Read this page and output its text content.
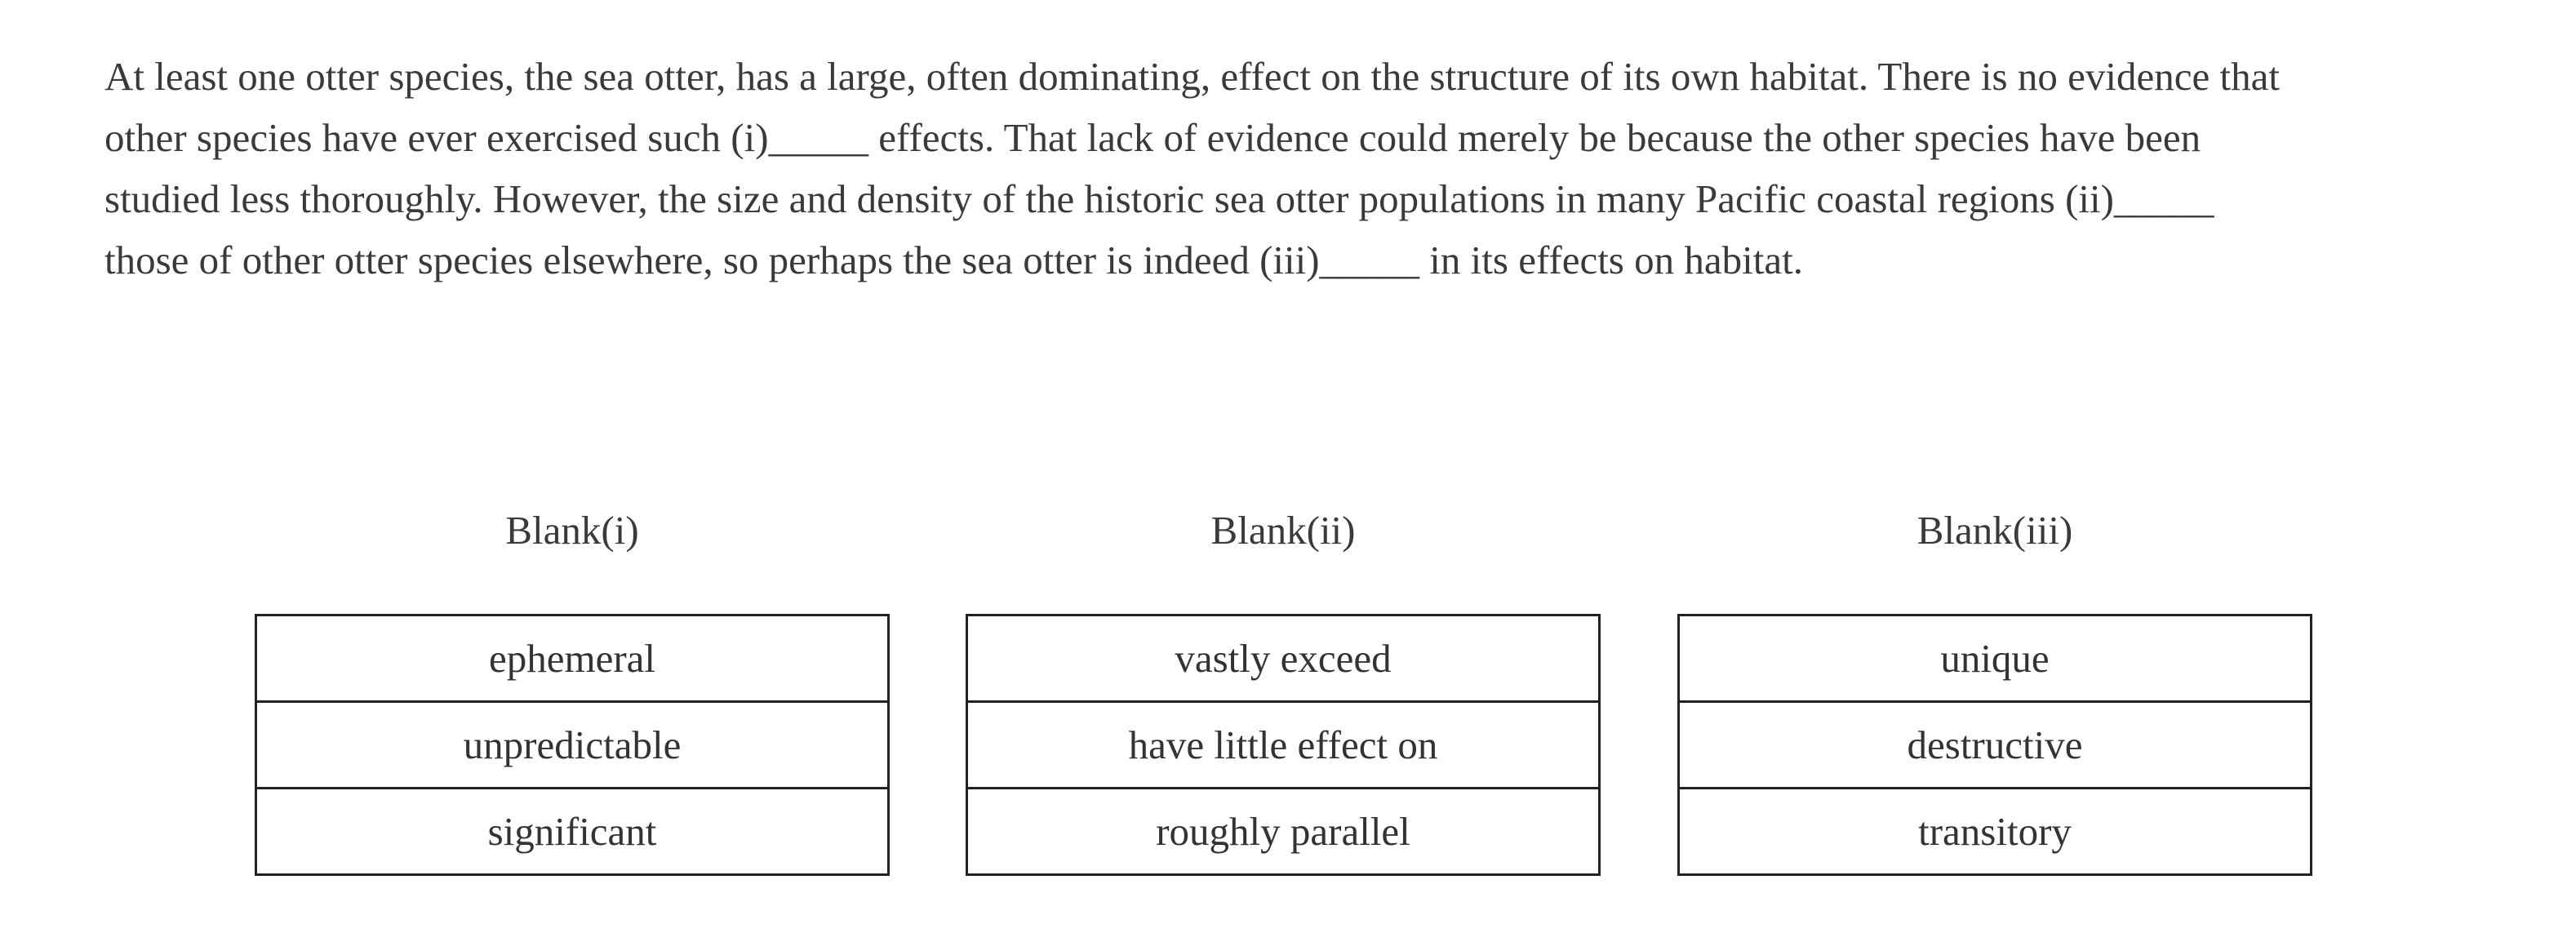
At least one otter species, the sea otter, has a large, often dominating, effect on the structure of its own habitat. There is no evidence that
other species have ever exercised such (i)_____ effects. That lack of evidence could merely be because the other species have been
studied less thoroughly. However, the size and density of the historic sea otter populations in many Pacific coastal regions (ii)_____
those of other otter species elsewhere, so perhaps the sea otter is indeed (iii)_____ in its effects on habitat.
Blank(i)
ephemeral
unpredictable
significant
Blank(ii)
vastly exceed
have little effect on
roughly parallel
Blank(iii)
unique
destructive
transitory
